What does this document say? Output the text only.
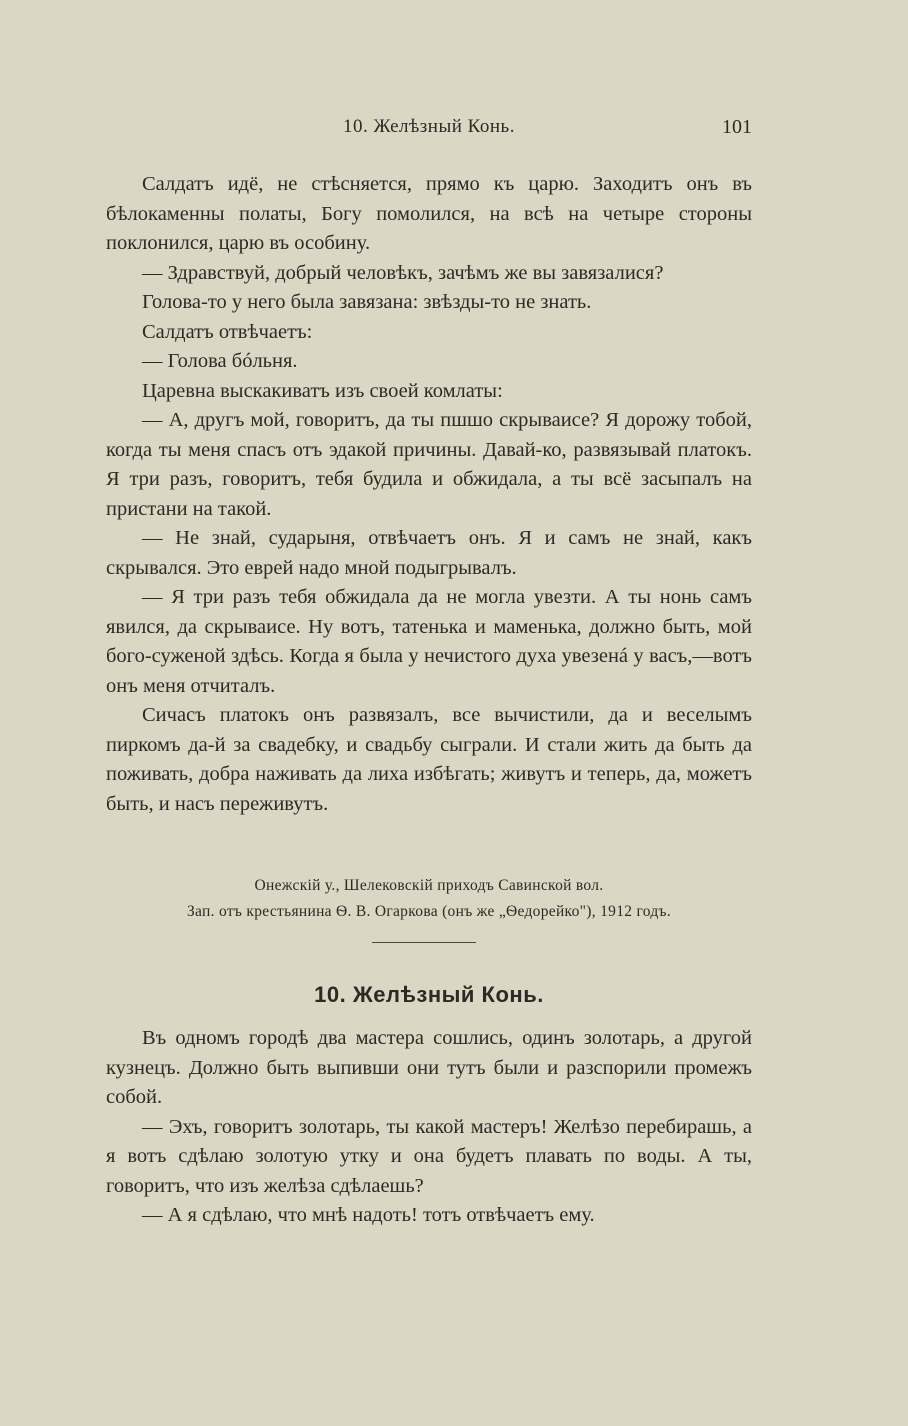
10. Желѣзный Конь.	101

Салдатъ идё, не стѣсняется, прямо къ царю. Заходитъ онъ въ бѣлокаменны полаты, Богу помолился, на всѣ на четыре стороны поклонился, царю въ особину.

— Здравствуй, добрый человѣкъ, зачѣмъ же вы завязалися?

Голова-то у него была завязана: звѣзды-то не знать.

Салдатъ отвѣчаетъ:

— Голова бóльня.

Царевна выскакиватъ изъ своей комлаты:

— А, другъ мой, говоритъ, да ты пшшо скрываисе? Я дорожу тобой, когда ты меня спасъ отъ эдакой причины. Давай-ко, развязывай платокъ. Я три разъ, говоритъ, тебя будила и обжидала, а ты всё засыпалъ на пристани на такой.

— Не знай, сударыня, отвѣчаетъ онъ. Я и самъ не знай, какъ скрывался. Это еврей надо мной подыгрывалъ.

— Я три разъ тебя обжидала да не могла увезти. А ты нонь самъ явился, да скрываисе. Ну вотъ, татенька и маменька, должно быть, мой бого-суженой здѣсь. Когда я была у нечистого духа увезенá у васъ,—вотъ онъ меня отчиталъ.

Сичасъ платокъ онъ развязалъ, все вычистили, да и веселымъ пиркомъ да-й за свадебку, и свадьбу сыграли. И стали жить да быть да поживать, добра наживать да лиха избѣгать; живутъ и теперь, да, можетъ быть, и насъ переживутъ.

Онежскій у., Шелековскій приходъ Савинской вол.
Зап. отъ крестьянина Ѳ. В. Огаркова (онъ же „Ѳедорейко"), 1912 годъ.
10. Желѣзный Конь.

Въ одномъ городѣ два мастера сошлись, одинъ золотарь, а другой кузнецъ. Должно быть выпивши они тутъ были и разспорили промежъ собой.

— Эхъ, говоритъ золотарь, ты какой мастеръ! Желѣзо перебирашь, а я вотъ сдѣлаю золотую утку и она будетъ плавать по воды. А ты, говоритъ, что изъ желѣза сдѣлаешь?

— А я сдѣлаю, что мнѣ надоть! тотъ отвѣчаетъ ему.
